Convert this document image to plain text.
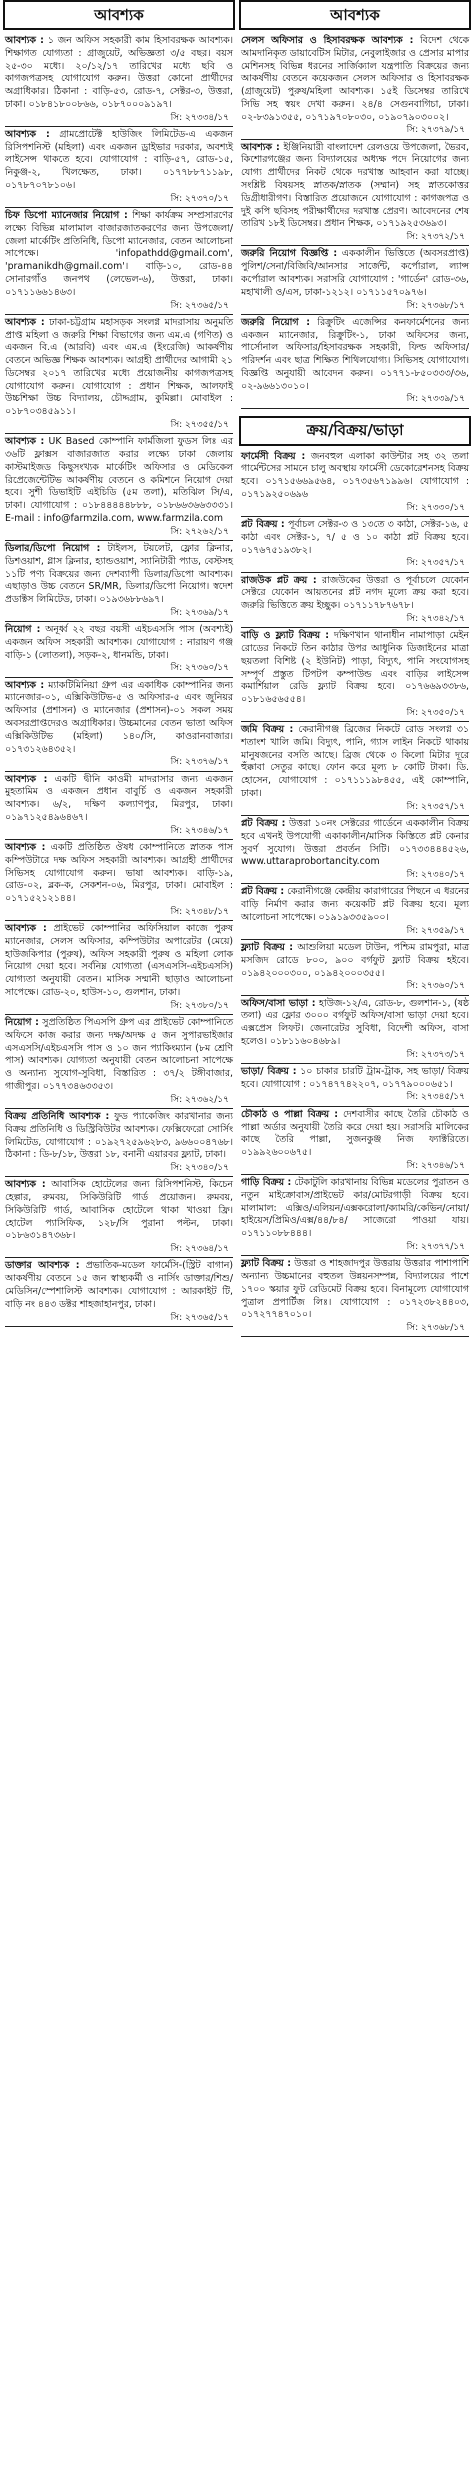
আবশ্যক

আবশ্যক : ১ জন অফিস সহকারী কাম হিসাবরক্ষক আবশ্যক। শিক্ষাগত যোগ্যতা : গ্রাজুয়েট, অভিজ্ঞতা ৩/৫ বছর। বয়স ২৫-৩০ মধ্যে। ২০/১২/১৭ তারিখের মধ্যে ছবি ও কাগজপত্রসহ যোগাযোগ করুন। উত্তরা কোনো প্রার্থীদের অগ্রাধিকার। ঠিকানা : বাড়ি-৫৩, রোড-৭, সেক্টর-৩, উত্তরা, ঢাকা। ০১৮৪১৮০০৮৬৬, ০১৮৭০০০৯১৯৭।

সি: ২৭৩৩৪/১৭

আবশ্যক : গ্রামপ্রোটেক্ট হাউজিং লিমিটেড-এ একজন রিসিপশনিস্ট (মহিলা) এবং একজন ড্রাইভার দরকার, অবশ্যই লাইসেন্স থাকতে হবে। যোগাযোগ : বাড়ি-৫৭, রোড-১৫, নিকুঞ্জ-২, খিলক্ষেত, ঢাকা। ০১৭৭৮৮৭১১৯৮, ০১৭৮৭০৭৮১০৬।

সি: ২৭৩৭০/১৭

চিফ ডিপো ম্যানেজার নিয়োগ : শিক্ষা কার্যক্রম সম্প্রসারণের লক্ষ্যে বিভিন্ন মালামাল বাজারজাতকরণের জন্য উপজেলা/জেলা মার্কেটিং প্রতিনিধি, ডিপো ম্যানেজার, বেতন আলোচনা সাপেক্ষে। 'infopathdd@gmail.com', 'pramanikdh@gmail.com'। বাড়ি-১০, রোড-৪৪ সোনারগাঁও জনপথ (লেভেল-৬), উত্তরা, ঢাকা। ০১৭১১৬৬১৪৬৩।

সি: ২৭৩৬৫/১৭

আবশ্যক : ঢাকা-চট্টগ্রাম মহাসড়ক সংলগ্ন মাদরাসায় অনুমতি প্রাপ্ত মহিলা ও জরুরি শিক্ষা বিভাগের জন্য এম.এ (গণিত) ও একজন বি.এ (আরবি) এবং এম.এ (ইংরেজি) আকর্ষণীয় বেতনে অভিজ্ঞ শিক্ষক আবশ্যক। আগ্রহী প্রার্থীদের আগামী ২১ ডিসেম্বর ২০১৭ তারিখের মধ্যে প্রয়োজনীয় কাগজপত্রসহ যোগাযোগ করুন। যোগাযোগ : প্রধান শিক্ষক, আলফাই উচ্চশিক্ষা উচ্চ বিদ্যালয়, চৌদ্দগ্রাম, কুমিল্লা। মোবাইল : ০১৮৭০৩৪৫৯১১।

সি: ২৭৩৫৫/১৭

আবশ্যক : UK Based কোম্পানি ফার্মজিলা ফুডস লিঃ এর ৩৬টি ফ্লাক্সস বাজারজাত করার লক্ষ্যে ঢাকা জেলায় কাস্টমাইজড কিছুসংখ্যক মার্কেটিং অফিসার ও মেডিকেল রিপ্রেজেন্টেটিভ আকর্ষণীয় বেতনে ও কমিশনে নিয়োগ দেয়া হবে। সুশী ডিভাইটি এইচিডি (৫ম তলা), মতিঝিল সি/এ, ঢাকা। যোগাযোগ : ০১৮৪৪৪৪৪৮৮৮, ০১৮৬৬৩৬৬৩৩৩১। E-mail : info@farmzila.com, www.farmzila.com

সি: ২৭২৬২/১৭

ডিলার/ডিপো নিয়োগ : টাইলস, টয়লেট, ফ্লোর ক্লিনার, ডিশওয়াশ, গ্লাস ক্লিনার, হ্যান্ডওয়াশ, স্যানিটারী প্যাড, বেস্টসহ ১১টি পণ্য বিক্রয়ের জন্য দেশব্যাপী ডিলার/ডিপো আবশ্যক। এছাড়াও উচ্চ বেতনে SR/MR, ডিলার/ডিপো নিয়োগ। স্বদেশ প্রডাক্টস লিমিটেড, ঢাকা। ০১৯৩৬৮৮৬৯৭।

সি: ২৭৩৬৯/১৭

নিয়োগ : অনূর্ধ্ব ২২ বছর বয়সী এইচএসসি পাস (অবশ্যই) একজন অফিস সহকারী আবশ্যক। যোগাযোগ : নারায়ণ গঞ্জ বাড়ি-১ (লোতলা), সড়ক-২, ধানমন্ডি, ঢাকা।

সি: ২৭৩৬০/১৭

আবশ্যক : ম্যাকটিমিনিয়া গ্রুপ এর একাধিক কোম্পানির জন্য ম্যানেজার-০১, এক্সিকিউটিভ-৫ ও অফিসার-৫ এবং জুনিয়র অফিসার (প্রশাসন) ও ম্যানেজার (প্রশাসন)-০১ সকল সময় অবসরপ্রাপ্তদেরও অগ্রাধিকার। উচ্চমানের বেতন ভাতা অফিস এক্সিকিউটিভ (মহিলা) ১৪০/সি, কাওরানবাজার। ০১৭৩১২৬৪৩৫২।

সি: ২৭৩৭৬/১৭

আবশ্যক : একটি দ্বীনি কাওমী মাদরাসার জন্য একজন মুহতামিম ও একজন প্রধান বাবুর্চি ও একজন সহকারী আবশ্যক। ৬/২, দক্ষিণ কল্যাণপুর, মিরপুর, ঢাকা। ০১৯৭১২৫৪৯৬৪৬৭।

সি: ২৭৩৪৬/১৭

আবশ্যক : একটি প্রতিষ্ঠিত ঔষধ কোম্পানিতে স্নাতক পাস কম্পিউটারে দক্ষ অফিস সহকারী আবশ্যক। আগ্রহী প্রার্থীদের সিভিসহ যোগাযোগ করুন। ভাষা আবশ্যক। বাড়ি-১৯, রোড-০২, ব্লক-ক, সেকশন-০৬, মিরপুর, ঢাকা। মোবাইল : ০১৭১৫২১২১৪৪।

সি: ২৭৩৪৮/১৭

আবশ্যক : প্রাইভেট কোম্পানির অফিসিয়াল কাজে পুরুষ ম্যানেজার, সেলস অফিসার, কম্পিউটার অপারেটর (মেয়ে) হাউজকিপার (পুরুষ), অফিস সহকারী পুরুষ ও মহিলা লোক নিয়োগ দেয়া হবে। সর্বনিম্ন যোগ্যতা (এসএসসি-এইচএসসি) যোগ্যতা অনুযায়ী বেতন। মাসিক সম্মানী ছাড়াও আলোচনা সাপেক্ষে। রোড-২০, হাউস-১০, গুলশান, ঢাকা।

সি: ২৭৩৮০/১৭

নিয়োগ : সুপ্রতিষ্ঠিত পিএসপি গ্রুপ এর প্রাইভেট কোম্পানিতে অফিসে কাজ করার জন্য দক্ষ/অদক্ষ ৫ জন সুপারভাইজার এসএসসি/এইচএসসি পাস ও ১০ জন প্যাকিংম্যান (৮ম শ্রেণি পাস) আবশ্যক। যোগ্যতা অনুযায়ী বেতন আলোচনা সাপেক্ষে ও অন্যান্য সুযোগ-সুবিধা, বিস্তারিত : ৩৭/২ টঙ্গীবাজার, গাজীপুর। ০১৭৭৩৪৬৩৩৫৩।

সি: ২৭৩৬২/১৭

বিক্রয় প্রতিনিধি আবশ্যক : ফুড প্যাকেজিং কারখানার জন্য বিক্রয় প্রতিনিধি ও ডিস্ট্রিবিউটর আবশ্যক। ফেক্সিফেরো সোর্সিং লিমিটেড, যোগাযোগ : ০১৯২৭২৫৯৬২৮৩, ৯৬৬০০৪৭৬৮। ঠিকানা : ডি-৮/১৮, উত্তরা ১৮, বনানী এয়ারবর ফ্ল্যাট, ঢাকা।

সি: ২৭৩৪০/১৭

আবশ্যক : আবাসিক হোটেলের জন্য রিসিপশনিস্ট, কিচেন হেল্পার, রুমবয়, সিকিউরিটি গার্ড প্রয়োজন। রুমবয়, সিকিউরিটি গার্ড, আবাসিক হোটেলে থাকা খাওয়া ফ্রি। হোটেল প্যাসিফিক, ১২৮/সি পুরানা পল্টন, ঢাকা। ০১৮৬৩১৪৭৩৬৮।

সি: ২৭৩৬৪/১৭

ডাক্তার আবশ্যক : প্রভাতিক-মডেল ফার্মেসি-(স্ট্রিট বাগান) আকর্ষণীয় বেতনে ১৫ জন স্বাস্থ্যকর্মী ও নার্সিং ডাক্তার/শিশু/মেডিসিন/স্পেশালিস্ট আবশ্যক। যোগাযোগ : আরকাইট টি, বাড়ি নং ৪৪৩ ডক্টর শাহজাহানপুর, ঢাকা।

সি: ২৭৩৬৫/১৭
আবশ্যক

সেলস অফিসার ও হিসাবরক্ষক আবশ্যক : বিদেশ থেকে আমদানিকৃত ডায়াবেটিস মিটার, নেবুলাইজার ও প্রেসার মাপার মেশিনসহ বিভিন্ন ধরনের সার্জিক্যাল যন্ত্রপাতি বিক্রয়ের জন্য আকর্ষণীয় বেতনে কয়েকজন সেলস অফিসার ও হিসাবরক্ষক (গ্রাজুয়েট) পুরুষ/মহিলা আবশ্যক। ১৫ই ডিসেম্বর তারিখে সিভি সহ স্বয়ং দেখা করুন। ২৪/৪ সেগুনবাগিচা, ঢাকা। ০২-৮৩৯১৩৫৫, ০১৭১৯৭০৮০৩০, ০১৯০৭৯০৩০০২।

সি: ২৭৩৭৯/১৭

আবশ্যক : ইঞ্জিনিয়ারী বাংলাদেশ রেলওয়ে উপজেলা, ভৈরব, কিশোরগঞ্জের জন্য বিদ্যালয়ের অধ্যক্ষ পদে নিয়োগের জন্য যোগ্য প্রার্থীদের নিকট থেকে দরখাস্ত আহবান করা যাচ্ছে। সংশ্লিষ্ট বিষয়সহ স্নাতক/স্নাতক (সম্মান) সহ স্নাতকোত্তর ডিগ্রীধারীগণ। বিস্তারিত প্রয়োজনে যোগাযোগ : কাগজপত্র ও দুই কপি ছবিসহ পরীক্ষার্থীদের দরখাস্ত প্রেরণ। আবেদনের শেষ তারিখ ১৮ই ডিসেম্বর। প্রধান শিক্ষক, ০১৭১৯২৫৩৬৯৩।

সি: ২৭৩৭২/১৭

জরুরি নিয়োগ বিজ্ঞপ্তি : এককালীন ভিত্তিতে (অবসরপ্রাপ্ত) পুলিশ/সেনা/বিজিবি/আনসার সার্জেন্ট, কর্পোরাল, ল্যান্স কর্পোরাল আবশ্যক। সরাসরি যোগাযোগ : 'গার্ডেন' রোড-৩৬, মহাখালী ও/এস, ঢাকা-১২১২। ০১৭১১৫৭০৯৭৬।

সি: ২৭৩৬৮/১৭

জরুরি নিয়োগ : রিক্রুটিং এজেন্সির কনফার্মেশনের জন্য একজন ম্যানেজার, রিক্রুটিং-১, ঢাকা অফিসের জন্য, পার্সোনাল অফিসার/হিসাবরক্ষক সহকারী, ফিল্ড অফিসার/পরিদর্শন এবং ছাত্র শিক্ষিত শিথিলযোগ্য। সিভিসহ যোগাযোগ। বিজ্ঞপ্তি অনুযায়ী আবেদন করুন। ০১৭৭১-৮৫০৩৩৩/৩৬, ০২-৯৬৬১৩০১০।

সি: ২৭৩৩৯/১৭
ক্রয়/বিক্রয়/ভাড়া

ফার্মেসী বিক্রয় : জনবহুল এলাকা কাউন্টার সহ ৩২ তলা গার্মেন্টসের সামনে চালু অবস্থায় ফার্মেসী ডেকোরেশনসহ বিক্রয় হবে। ০১৭১৫৬৬৯৫৬৪, ০১৭৩৫৬৭১৯৯৬। যোগাযোগ : ০১৭১৯২৫০৬৯৬

সি: ২৭৩৩০/১৭

প্লট বিক্রয় : পূর্বাচল সেক্টর-৩ ও ১৩তে ৩ কাঠা, সেক্টর-১৬, ৫ কাঠা এবং সেক্টর-১, ৭/ ৫ ও ১০ কাঠা প্লট বিক্রয় হবে। ০১৭৬৭৫১৯৩৮২।

সি: ২৭৩৫৭/১৭

রাজউক প্লট ক্রয় : রাজউকের উত্তরা ও পূর্বাচলে যেকোন সেক্টরে যেকোন আয়তনের প্লট নগদ মূল্যে ক্রয় করা হবে। জরুরি ভিত্তিতে ক্রয় ইচ্ছুক। ০১৭১১৭৮৭৬৭৮।

সি: ২৭৩৪২/১৭

বাড়ি ও ফ্ল্যাট বিক্রয় : দক্ষিণখান থানাধীন নামাপাড়া মেইন রোডের নিকটে তিন কাঠার উপর আধুনিক ডিজাইনের মাত্রা ছয়তলা বিশিষ্ট (২ ইউনিট) পাড়া, বিদ্যুৎ, পানি সংযোগসহ সম্পূর্ণ প্রস্তুত টিপটপ কম্পাউন্ড এবং বাড়ির লাইসেন্স কমার্শিয়াল রেডি ফ্ল্যাট বিক্রয় হবে। ০১৭৬৬৯৩৩৮৬, ০১৮১৬৫৬৫৫৪।

সি: ২৭৩৫০/১৭

জমি বিক্রয় : কেরানীগঞ্জ ব্রিজের নিকটে রোড সংলগ্ন ৩১ শতাংশ খালি জমি। বিদ্যুৎ, পানি, গ্যাস লাইন নিকটে থাকায় মানুষজনের বসতি আছে। ব্রিজ থেকে ৩ কিলো মিটার দূরে হুঁক্কাবা সেতুর কাছে। ফোন করে মূল্য ৮ কোটি টাকা। ডি. হোসেন, যোগাযোগ : ০১৭১১১৯৮৪৫৫, এই কোম্পানি, ঢাকা।

সি: ২৭৩৫৭/১৭

প্লট বিক্রয় : উত্তরা ১০নং সেক্টরের গার্ডেনে এককালীন বিক্রয় হবে এখনই উপযোগী একাকালীন/মাসিক কিস্তিতে প্লট কেনার সুবর্ণ সুযোগ। উত্তরা প্রবর্তন সিটি। ০১৭৩৩৪৪৪৫২৬, www.uttaraprobortancity.com

সি: ২৭৩৪০/১৭

প্লট বিক্রয় : কেরানীগঞ্জে কেন্দ্রীয় কারাগারের পিছনে এ ধরনের বাড়ি নির্মাণ করার জন্য কয়েকটি প্লট বিক্রয় হবে। মূল্য আলোচনা সাপেক্ষে। ০১৯১৯৩৩৫৯০০।

সি: ২৭৩৫৯/১৭

ফ্ল্যাট বিক্রয় : আশুলিয়া মডেল টাউন, পশ্চিম রামপুরা, মাত্র মসজিদ রোডে ৮০০, ৯০০ বর্গফুট ফ্ল্যাট বিক্রয় হইবে। ০১৯৪২০০০৩০০, ০১৯৪২০০০৩৫৫।

সি: ২৭৩৬০/১৭

অফিস/বাসা ভাড়া : হাউজ-১২/এ, রোড-৮, গুলশান-১, (ষষ্ঠ তলা) এর ফ্লোর ৩০০০ বর্গফুট অফিস/বাসা ভাড়া দেয়া হবে। এক্সপ্রেস লিফট। জেনারেটর সুবিধা, বিদেশী অফিস, বাসা হলেও। ০১৮১১৬০৪৬৮৯।

সি: ২৭৩৭৩/১৭

ভাড়া/ বিক্রয় : ১০ চাকার চারটি ট্রাম-ট্রাক, সহ ভাড়া/ বিক্রয় হবে। যোগাযোগ : ০১৭৪৭৭৪২২০৭, ০১৭৭৯০০০৬৫১।

সি: ২৭৩৪৫/১৭

চৌকাঠ ও পাল্লা বিক্রয় : দেশবাসীর কাছে তৈরি চৌকাঠ ও পাল্লা অর্ডার অনুযায়ী তৈরি করে দেয়া হয়। সরাসরি মালিকের কাছে তৈরি পাল্লা, সুজনকুঞ্জ নিজ ফ্যাক্টরিতে। ০১৯৯২৬০০৬৭৫।

সি: ২৭৩৪৬/১৭

গাড়ি বিক্রয় : টেকাটুলি কারখানায় বিভিন্ন মডেলের পুরাতন ও নতুন মাইক্রোবাস/প্রাইভেট কার/মোটরগাড়ী বিক্রয় হবে। মালামাল: এক্সিও/এলিয়ন/এক্সকরোলা/ক্যামরি/কেভিন/নোয়া/হাইয়েস/প্রিমিও/এক্স/৪৪/৮৪/ সাজেরো পাওয়া যায়। ০১৭১১০৮৮৪৪৪।

সি: ২৭৩৭৭/১৭

ফ্ল্যাট বিক্রয় : উত্তরা ও শাহজাদপুর উত্তরায় উত্তরার পাশাপাশি অন্যান্য উচ্চমানের বহুতল উন্নয়নসম্পন্ন, বিদ্যালয়ের পাশে ১৭০০ স্কয়ার ফুট রেডিমেট বিক্রয় হবে। বিনামূল্যে যোগাযোগ পুত্রাল প্রপার্টিজ লিঃ। যোগাযোগ : ০১৭২৩৮২৪৪০৩, ০১৭২৭৭৪৭০১০।

সি: ২৭৩৬৮/১৭
